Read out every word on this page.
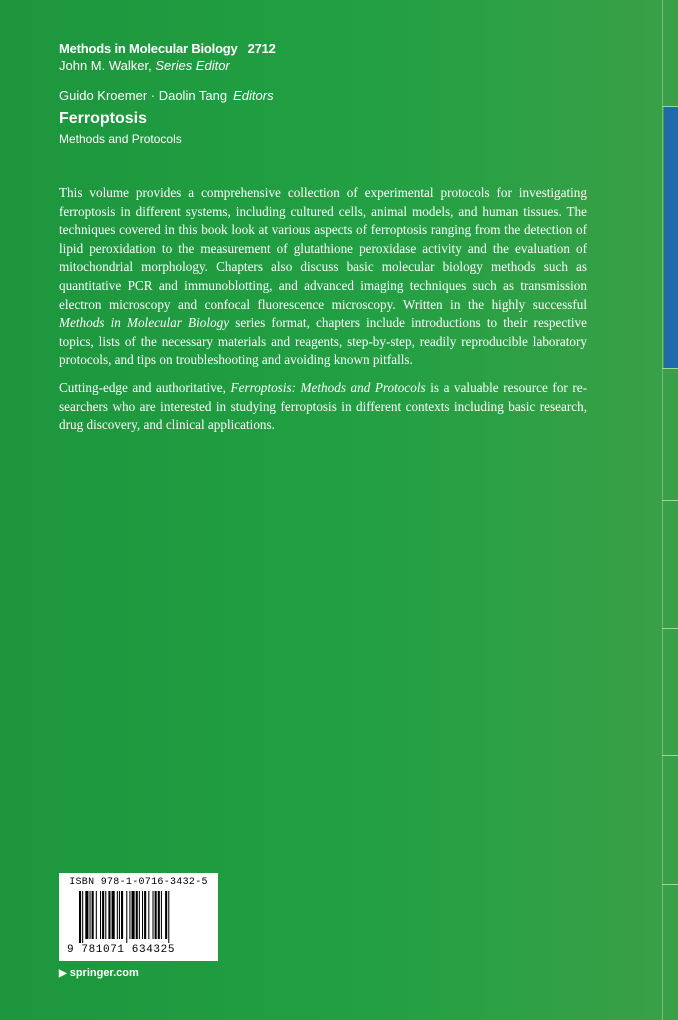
Methods in Molecular Biology 2712
John M. Walker, Series Editor
Guido Kroemer · Daolin Tang Editors
Ferroptosis
Methods and Protocols

This volume provides a comprehensive collection of experimental protocols for investigating ferroptosis in different systems, including cultured cells, animal models, and human tissues. The techniques covered in this book look at various aspects of ferroptosis ranging from the detection of lipid peroxidation to the measurement of glutathione peroxidase activity and the evaluation of mitochondrial morphology. Chapters also discuss basic molecular biology methods such as quantitative PCR and immunoblotting, and advanced imaging techniques such as transmission electron microscopy and confocal fluorescence microscopy. Written in the highly successful Methods in Molecular Biology series format, chapters include introductions to their respective topics, lists of the necessary materials and reagents, step-by-step, readily reproducible laboratory protocols, and tips on troubleshooting and avoiding known pitfalls.

Cutting-edge and authoritative, Ferroptosis: Methods and Protocols is a valuable resource for re-searchers who are interested in studying ferroptosis in different contexts including basic research, drug discovery, and clinical applications.

ISBN 978-1-0716-3432-5
9 781071 634325
▶ springer.com
